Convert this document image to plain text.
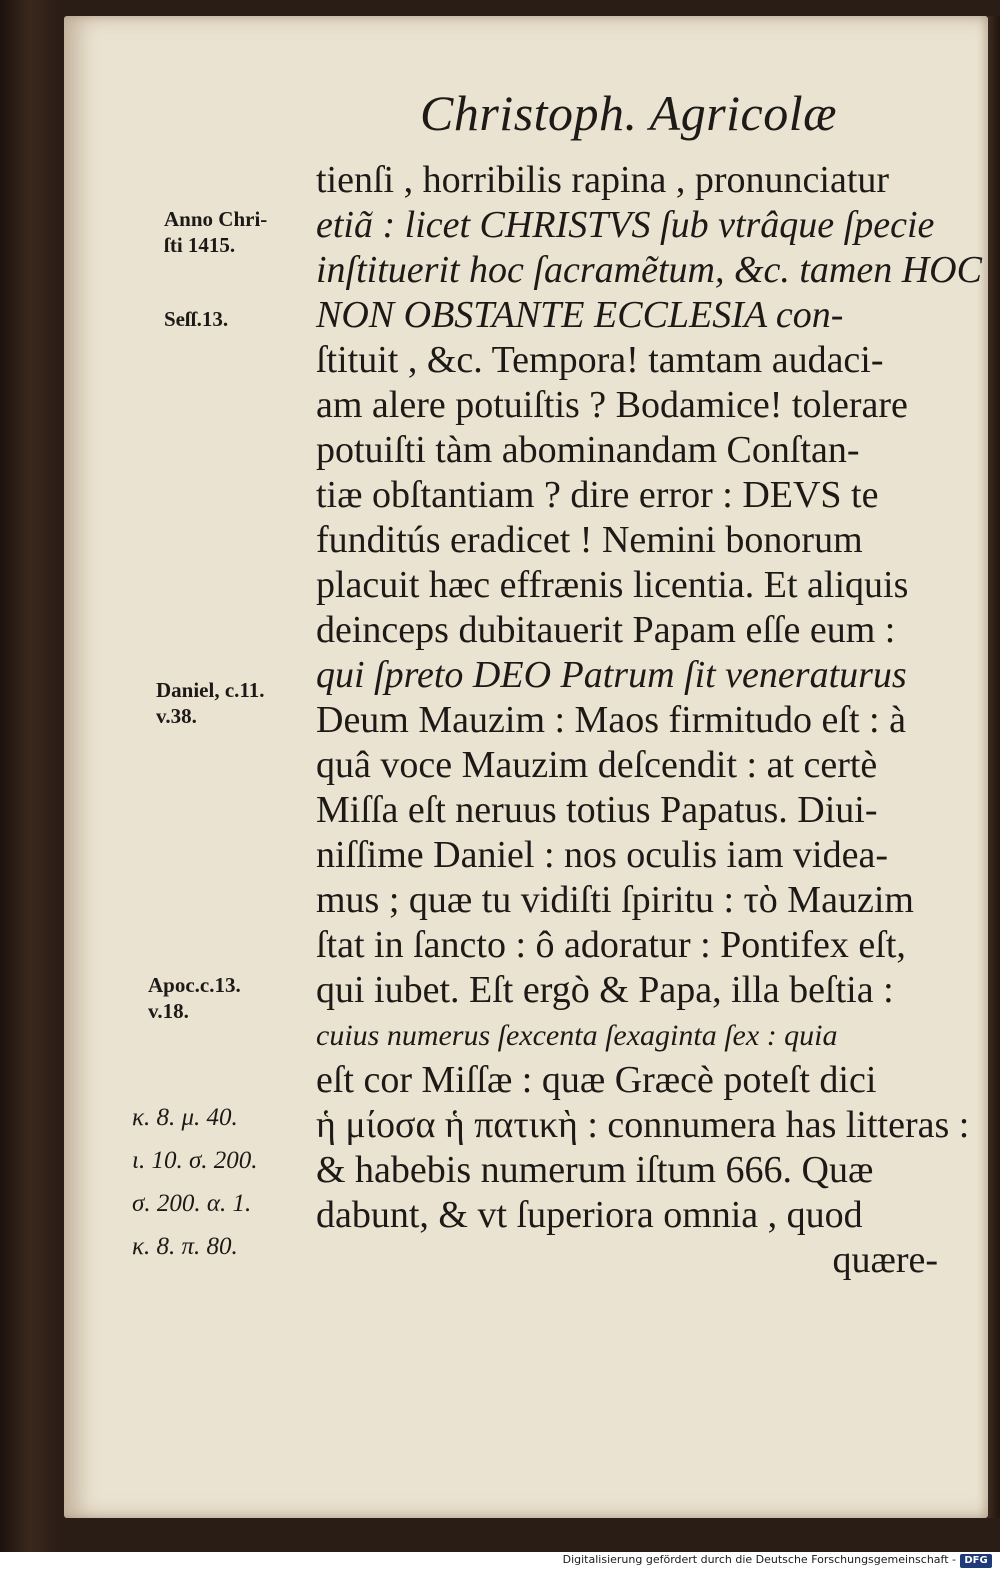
Christoph. Agricolæ
tienſi , horribilis rapina , pronunciatur
etiã : licet CHRISTVS ſub vtrâque ſpecie
inſtituerit hoc ſacramẽtum, &c. tamen HOC
NON OBSTANTE ECCLESIA con-
ſtituit , &c. Tempora! tamtam audaci-
am alere potuiſtis ? Bodamice! tolerare
potuiſti tàm abominandam Conſtan-
tiæ obſtantiam ? dire error : DEVS te
funditús eradicet ! Nemini bonorum
placuit hæc effrænis licentia. Et aliquis
deinceps dubitauerit Papam eſſe eum :
qui ſpreto DEO Patrum ſit veneraturus
Deum Mauzim : Maos firmitudo eſt : à
quâ voce Mauzim deſcendit : at certè
Miſſa eſt neruus totius Papatus. Diui-
niſſime Daniel : nos oculis iam videa-
mus ; quæ tu vidiſti ſpiritu : τὸ Mauzim
ſtat in ſancto : ô adoratur : Pontifex eſt,
qui iubet. Eſt ergò & Papa, illa beſtia :
cuius numerus ſexcenta ſexaginta ſex : quia
eſt cor Miſſæ : quæ Græcè poteſt dici
ἡ μίοσα ἡ πατικὴ : connumera has litteras :
& habebis numerum iſtum 666. Quæ
dabunt, & vt ſuperiora omnia , quod
quære-
Anno Chri-
ſti 1415.
Seſſ.13.
Daniel, c.11.
v.38.
Apoc.c.13.
v.18.
κ. 8. μ. 40.
ι. 10. σ. 200.
σ. 200. α. 1.
κ. 8. π. 80.
Digitalisierung gefördert durch die Deutsche Forschungsgemeinschaft - DFG
